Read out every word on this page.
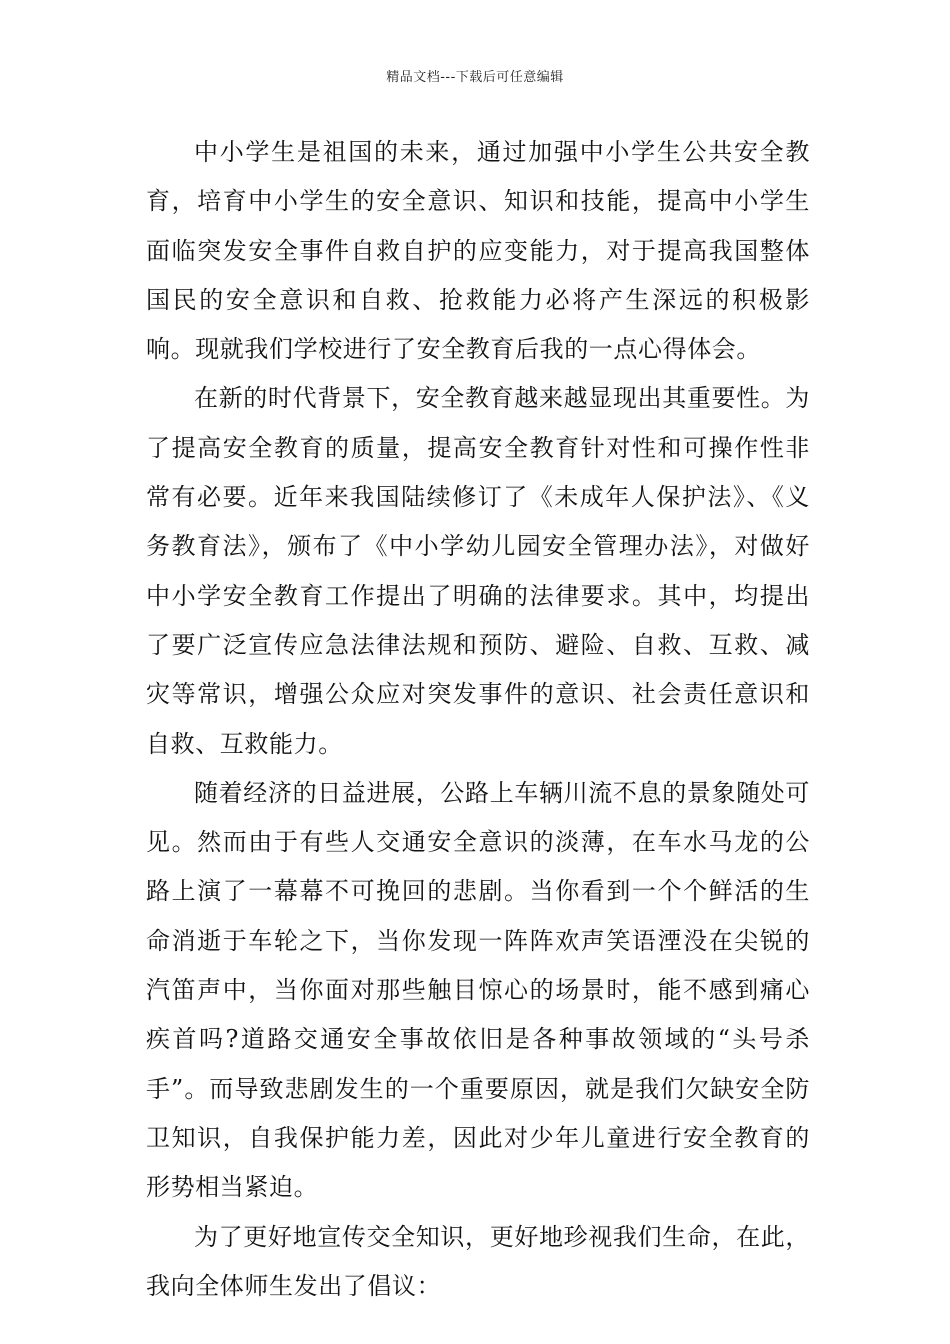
精品文档---下载后可任意编辑

中小学生是祖国的未来，通过加强中小学生公共安全教育，培育中小学生的安全意识、知识和技能，提高中小学生面临突发安全事件自救自护的应变能力，对于提高我国整体国民的安全意识和自救、抢救能力必将产生深远的积极影响。现就我们学校进行了安全教育后我的一点心得体会。

在新的时代背景下，安全教育越来越显现出其重要性。为了提高安全教育的质量，提高安全教育针对性和可操作性非常有必要。近年来我国陆续修订了《未成年人保护法》、《义务教育法》，颁布了《中小学幼儿园安全管理办法》，对做好中小学安全教育工作提出了明确的法律要求。其中，均提出了要广泛宣传应急法律法规和预防、避险、自救、互救、减灾等常识，增强公众应对突发事件的意识、社会责任意识和自救、互救能力。

随着经济的日益进展，公路上车辆川流不息的景象随处可见。然而由于有些人交通安全意识的淡薄，在车水马龙的公路上演了一幕幕不可挽回的悲剧。当你看到一个个鲜活的生命消逝于车轮之下，当你发现一阵阵欢声笑语湮没在尖锐的汽笛声中，当你面对那些触目惊心的场景时，能不感到痛心疾首吗?道路交通安全事故依旧是各种事故领域的“头号杀手”。而导致悲剧发生的一个重要原因，就是我们欠缺安全防卫知识，自我保护能力差，因此对少年儿童进行安全教育的形势相当紧迫。

为了更好地宣传交全知识，更好地珍视我们生命，在此，我向全体师生发出了倡议：
